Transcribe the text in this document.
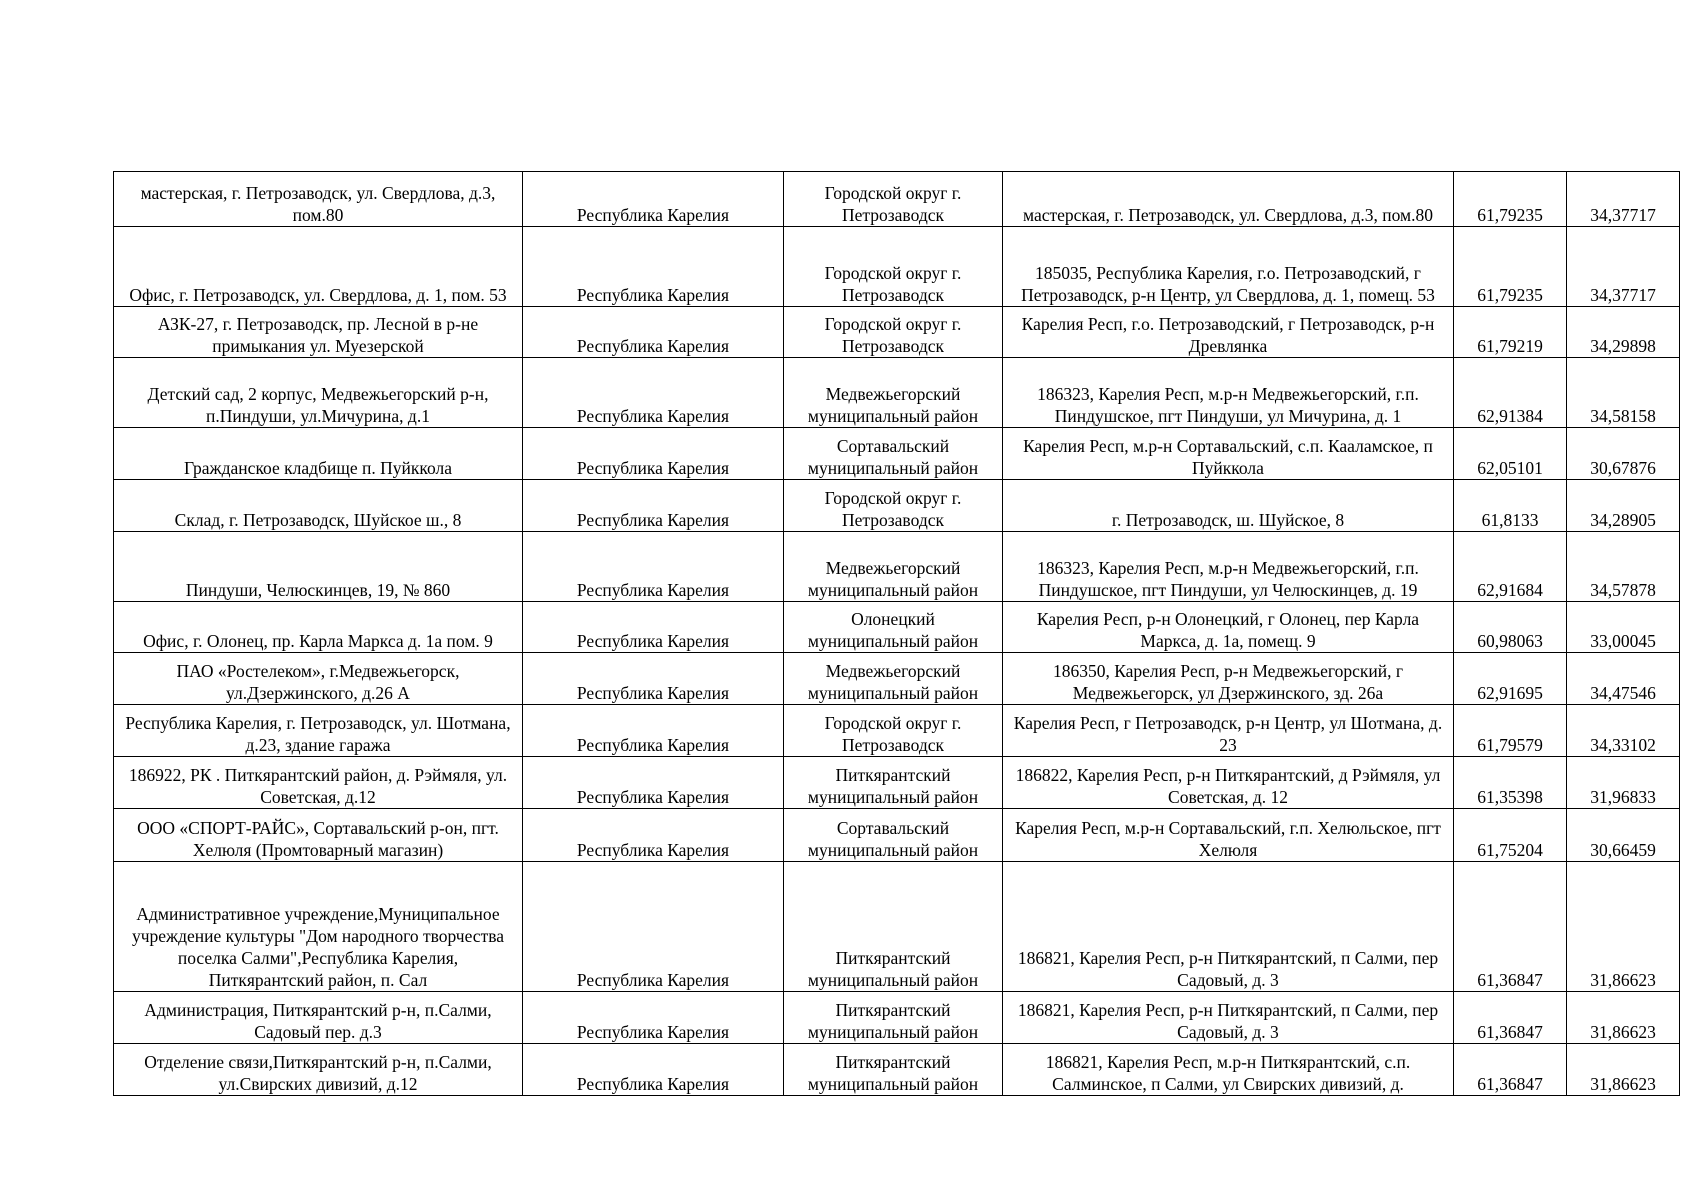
мастерская, г. Петрозаводск, ул. Свердлова, д.3, пом.80	Республика Карелия	Городской округ г. Петрозаводск	мастерская, г. Петрозаводск, ул. Свердлова, д.3, пом.80	61,79235	34,37717
Офис, г. Петрозаводск, ул. Свердлова, д. 1, пом. 53	Республика Карелия	Городской округ г. Петрозаводск	185035, Республика Карелия, г.о. Петрозаводский, г Петрозаводск, р-н Центр, ул Свердлова, д. 1, помещ. 53	61,79235	34,37717
АЗК-27, г. Петрозаводск, пр. Лесной в р-не примыкания ул. Муезерской	Республика Карелия	Городской округ г. Петрозаводск	Карелия Респ, г.о. Петрозаводский, г Петрозаводск, р-н Древлянка	61,79219	34,29898
Детский сад, 2 корпус, Медвежьегорский р-н, п.Пиндуши, ул.Мичурина, д.1	Республика Карелия	Медвежьегорский муниципальный район	186323, Карелия Респ, м.р-н Медвежьегорский, г.п. Пиндушское, пгт Пиндуши, ул Мичурина, д. 1	62,91384	34,58158
Гражданское кладбище п. Пуйккола	Республика Карелия	Сортавальский муниципальный район	Карелия Респ, м.р-н Сортавальский, с.п. Кааламское, п Пуйккола	62,05101	30,67876
Склад, г. Петрозаводск, Шуйское ш., 8	Республика Карелия	Городской округ г. Петрозаводск	г. Петрозаводск, ш. Шуйское, 8	61,8133	34,28905
Пиндуши, Челюскинцев, 19, № 860	Республика Карелия	Медвежьегорский муниципальный район	186323, Карелия Респ, м.р-н Медвежьегорский, г.п. Пиндушское, пгт Пиндуши, ул Челюскинцев, д. 19	62,91684	34,57878
Офис, г. Олонец, пр. Карла Маркса д. 1а пом. 9	Республика Карелия	Олонецкий муниципальный район	Карелия Респ, р-н Олонецкий, г Олонец, пер Карла Маркса, д. 1а, помещ. 9	60,98063	33,00045
ПАО «Ростелеком», г.Медвежьегорск, ул.Дзержинского, д.26 А	Республика Карелия	Медвежьегорский муниципальный район	186350, Карелия Респ, р-н Медвежьегорский, г Медвежьегорск, ул Дзержинского, зд. 26а	62,91695	34,47546
Республика Карелия, г. Петрозаводск, ул. Шотмана, д.23, здание гаража	Республика Карелия	Городской округ г. Петрозаводск	Карелия Респ, г Петрозаводск, р-н Центр, ул Шотмана, д. 23	61,79579	34,33102
186922, РК . Питкярантский район, д. Рэймяля, ул. Советская, д.12	Республика Карелия	Питкярантский муниципальный район	186822, Карелия Респ, р-н Питкярантский, д Рэймяля, ул Советская, д. 12	61,35398	31,96833
ООО «СПОРТ-РАЙС», Сортавальский р-он, пгт. Хелюля (Промтоварный магазин)	Республика Карелия	Сортавальский муниципальный район	Карелия Респ, м.р-н Сортавальский, г.п. Хелюльское, пгт Хелюля	61,75204	30,66459
Административное учреждение,Муниципальное учреждение культуры "Дом народного творчества поселка Салми",Республика Карелия, Питкярантский район, п. Сал	Республика Карелия	Питкярантский муниципальный район	186821, Карелия Респ, р-н Питкярантский, п Салми, пер Садовый, д. 3	61,36847	31,86623
Администрация, Питкярантский р-н, п.Салми, Садовый пер. д.3	Республика Карелия	Питкярантский муниципальный район	186821, Карелия Респ, р-н Питкярантский, п Салми, пер Садовый, д. 3	61,36847	31,86623
Отделение связи,Питкярантский р-н, п.Салми, ул.Свирских дивизий, д.12	Республика Карелия	Питкярантский муниципальный район	186821, Карелия Респ, м.р-н Питкярантский, с.п. Салминское, п Салми, ул Свирских дивизий, д.	61,36847	31,86623
